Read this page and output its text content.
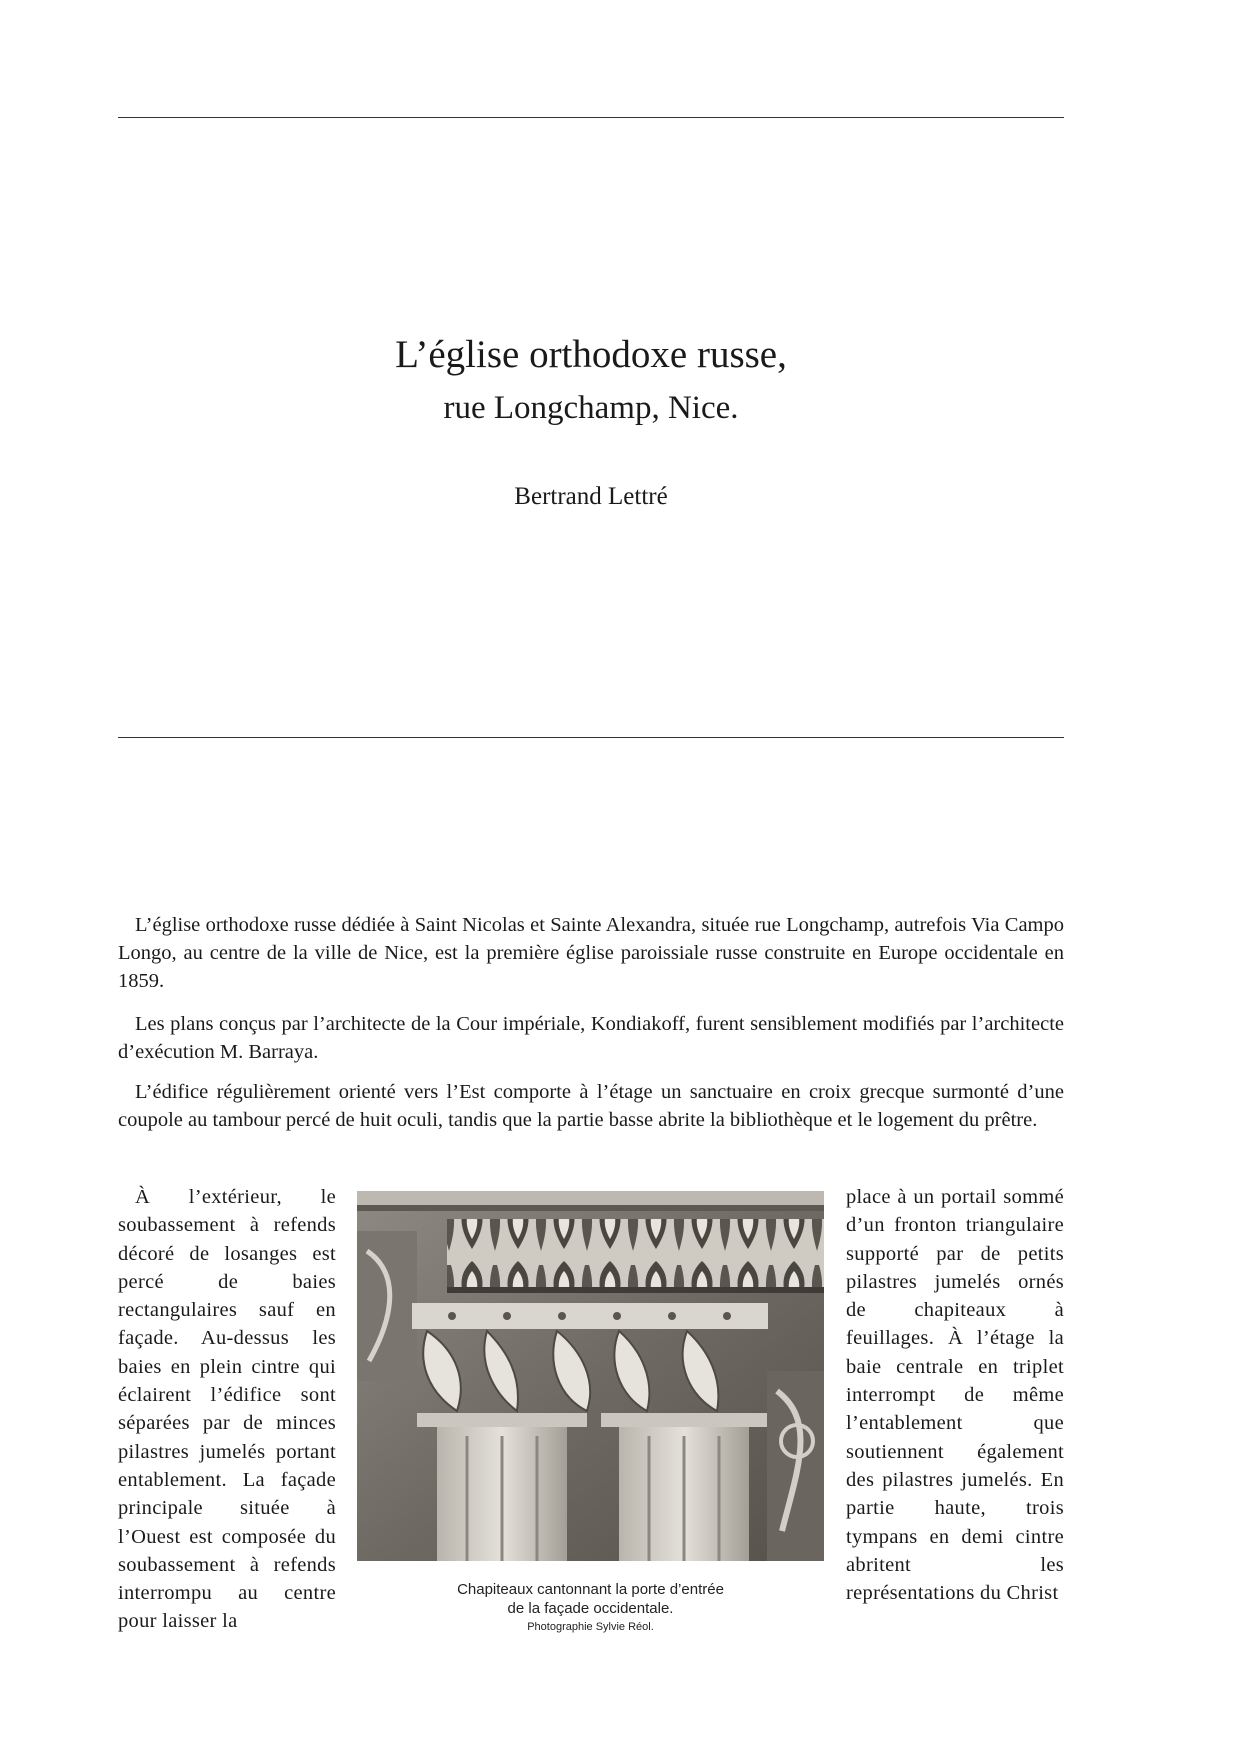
L’église orthodoxe russe,
rue Longchamp, Nice.
Bertrand Lettré

L’église orthodoxe russe dédiée à Saint Nicolas et Sainte Alexandra, située rue Longchamp, autrefois Via Campo Longo, au centre de la ville de Nice, est la première église paroissiale russe construite en Europe occidentale en 1859.

Les plans conçus par l’architecte de la Cour impériale, Kondiakoff, furent sensiblement modifiés par l’architecte d’exécution M. Barraya.

L’édifice régulièrement orienté vers l’Est comporte à l’étage un sanctuaire en croix grecque surmonté d’une coupole au tambour percé de huit oculi, tandis que la partie basse abrite la bibliothèque et le logement du prêtre.

À l’extérieur, le soubassement à refends décoré de losanges est percé de baies rectangulaires sauf en façade. Au-dessus les baies en plein cintre qui éclairent l’édifice sont séparées par de minces pilastres jumelés portant entablement. La façade principale située à l’Ouest est composée du soubassement à refends interrompu au centre pour laisser la

Chapiteaux cantonnant la porte d’entrée

de la façade occidentale.

Photographie Sylvie Réol.

place à un portail sommé d’un fronton triangulaire supporté par de petits pilastres jumelés ornés de chapiteaux à feuillages. À l’étage la baie centrale en triplet interrompt de même l’entablement que soutiennent également des pilastres jumelés. En partie haute, trois tympans en demi cintre abritent les représentations du Christ
